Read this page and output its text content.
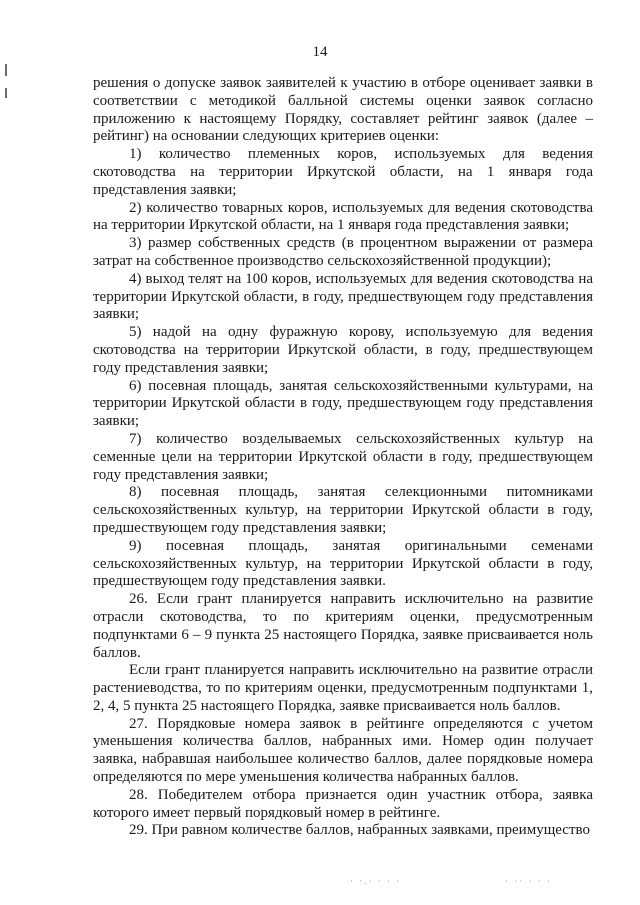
14

решения о допуске заявок заявителей к участию в отборе оценивает заявки в соответствии с методикой балльной системы оценки заявок согласно приложению к настоящему Порядку, составляет рейтинг заявок (далее – рейтинг) на основании следующих критериев оценки:

1) количество племенных коров, используемых для ведения скотоводства на территории Иркутской области, на 1 января года представления заявки;

2) количество товарных коров, используемых для ведения скотоводства на территории Иркутской области, на 1 января года представления заявки;

3) размер собственных средств (в процентном выражении от размера затрат на собственное производство сельскохозяйственной продукции);

4) выход телят на 100 коров, используемых для ведения скотоводства на территории Иркутской области, в году, предшествующем году представления заявки;

5) надой на одну фуражную корову, используемую для ведения скотоводства на территории Иркутской области, в году, предшествующем году представления заявки;

6) посевная площадь, занятая сельскохозяйственными культурами, на территории Иркутской области в году, предшествующем году представления заявки;

7) количество возделываемых сельскохозяйственных культур на семенные цели на территории Иркутской области в году, предшествующем году представления заявки;

8) посевная площадь, занятая селекционными питомниками сельскохозяйственных культур, на территории Иркутской области в году, предшествующем году представления заявки;

9) посевная площадь, занятая оригинальными семенами сельскохозяйственных культур, на территории Иркутской области в году, предшествующем году представления заявки.

26. Если грант планируется направить исключительно на развитие отрасли скотоводства, то по критериям оценки, предусмотренным подпунктами 6 – 9 пункта 25 настоящего Порядка, заявке присваивается ноль баллов.

Если грант планируется направить исключительно на развитие отрасли растениеводства, то по критериям оценки, предусмотренным подпунктами 1, 2, 4, 5 пункта 25 настоящего Порядка, заявке присваивается ноль баллов.

27. Порядковые номера заявок в рейтинге определяются с учетом уменьшения количества баллов, набранных ими. Номер один получает заявка, набравшая наибольшее количество баллов, далее порядковые номера определяются по мере уменьшения количества набранных баллов.

28. Победителем отбора признается один участник отбора, заявка которого имеет первый порядковый номер в рейтинге.

29. При равном количестве баллов, набранных заявками, преимущество

· ·.· · · ·	· ·· · · ·
